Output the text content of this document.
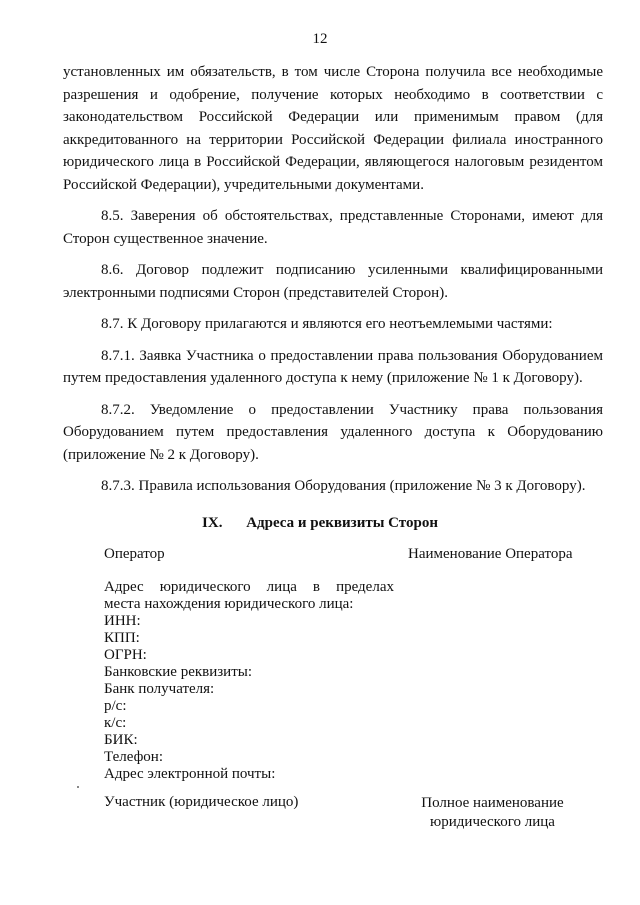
12

установленных им обязательств, в том числе Сторона получила все необходимые разрешения и одобрение, получение которых необходимо в соответствии с законодательством Российской Федерации или применимым правом (для аккредитованного на территории Российской Федерации филиала иностранного юридического лица в Российской Федерации, являющегося налоговым резидентом Российской Федерации), учредительными документами.

8.5. Заверения об обстоятельствах, представленные Сторонами, имеют для Сторон существенное значение.

8.6. Договор подлежит подписанию усиленными квалифицированными электронными подписями Сторон (представителей Сторон).

8.7. К Договору прилагаются и являются его неотъемлемыми частями:

8.7.1. Заявка Участника о предоставлении права пользования Оборудованием путем предоставления удаленного доступа к нему (приложение № 1 к Договору).

8.7.2. Уведомление о предоставлении Участнику права пользования Оборудованием путем предоставления удаленного доступа к Оборудованию (приложение № 2 к Договору).

8.7.3. Правила использования Оборудования (приложение № 3 к Договору).

IX. Адреса и реквизиты Сторон
Оператор	Наименование Оператора
Адрес юридического лица в пределах
места нахождения юридического лица:
ИНН:
КПП:
ОГРН:
Банковские реквизиты:
Банк получателя:
р/с:
к/с:
БИК:
Телефон:
Адрес электронной почты:
Участник (юридическое лицо)	Полное наименование
юридического лица
